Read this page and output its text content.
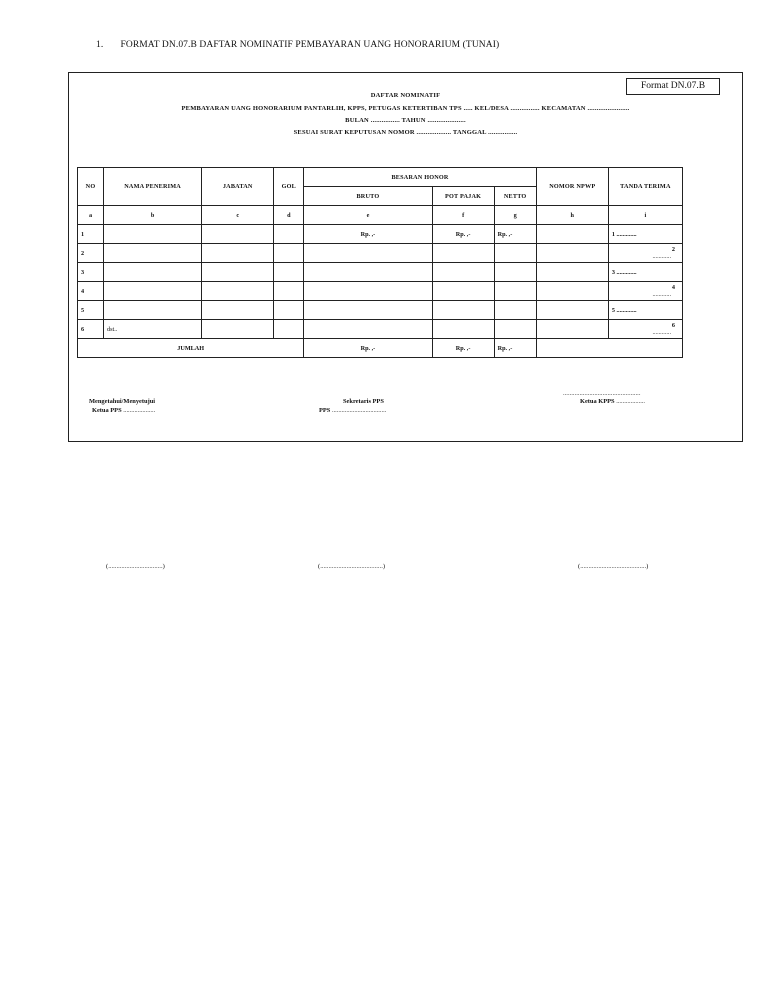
1. FORMAT DN.07.B DAFTAR NOMINATIF PEMBAYARAN UANG HONORARIUM (TUNAI)
Format DN.07.B
DAFTAR NOMINATIF
PEMBAYARAN UANG HONORARIUM PANTARLIH, KPPS, PETUGAS KETERTIBAN TPS ..... KEL/DESA ................ KECAMATAN .......................
BULAN ................ TAHUN .....................
SESUAI SURAT KEPUTUSAN NOMOR ................... TANGGAL ................
NO	NAMA PENERIMA	JABATAN	GOL	BESARAN HONOR			NOMOR NPWP	TANDA TERIMA
				BRUTO	POT PAJAK	NETTO		
a	b	c	d	e	f	g	h	i
1				Rp. ,-	Rp. ,-	Rp. ,-		1 .............
2								2
............

3								3 .............
4								4
............

5								5 .............
6	dst..							6
............

JUMLAH				Rp. ,-	Rp. ,-	Rp. ,-		
...............................................
Mengetahui/Menyetujui
Ketua PPS ....................
Sekretaris PPS
PPS ..................................
Ketua KPPS ..................
(.................................)	(......................................)	(........................................)
